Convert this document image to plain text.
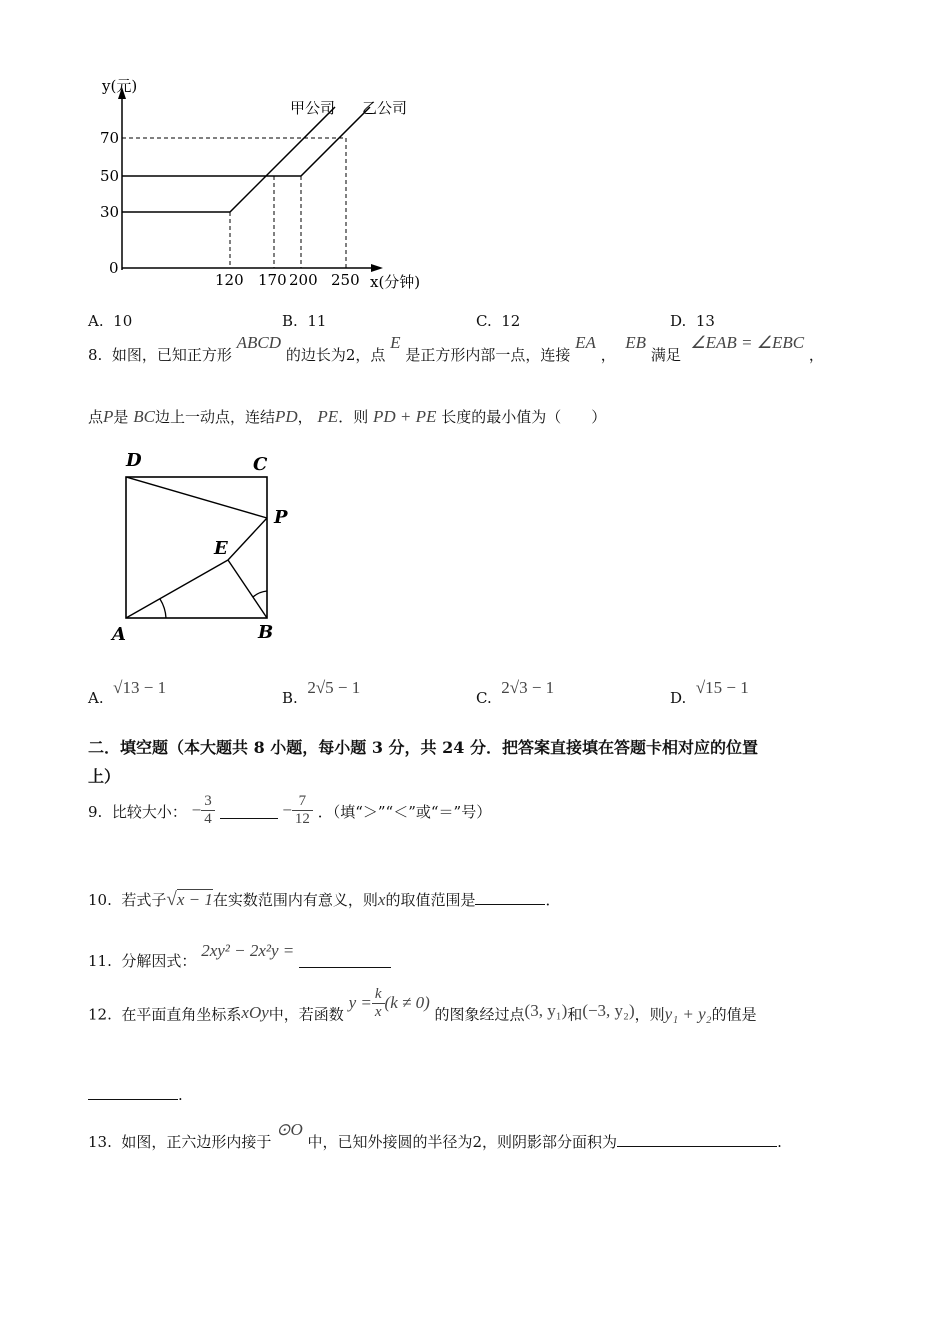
y(元)
甲公司 乙公司
70
50
30
0
120 170 200 250 x(分钟)
A. 10	B. 11	C. 12	D. 13
8. 如图，已知正方形 ABCD 的边长为2，点 E 是正方形内部一点，连接 EA ，  EB 满足  ∠EAB = ∠EBC ，
点P是 BC边上一动点，连结PD， PE．则 PD + PE 长度的最小值为（　　）
D	C
P
E
A	B
A.  √13 − 1
B.  2√5 − 1
C.  2√3 − 1
D.  √15 − 1
二．填空题（本大题共 8 小题，每小题 3 分，共 24 分．把答案直接填在答题卡相对应的位置
上）
9. 比较大小： − $\frac{3}{4}$	− $\frac{7}{12}$ ．（填“＞”“＜”或“＝”号）
10. 若式子√x − 1在实数范围内有意义，则x的取值范围是	．
11. 分解因式： 2xy² − 2x²y =
12. 在平面直角坐标系xOy中，若函数 $y = \frac{k}{x} (k \ne 0)$ 的图象经过点(3, y₁)和(−3, y₂)，则y₁ + y₂的值是
.
13. 如图，正六边形内接于 ⊙O 中，已知外接圆的半径为2，则阴影部分面积为	.
